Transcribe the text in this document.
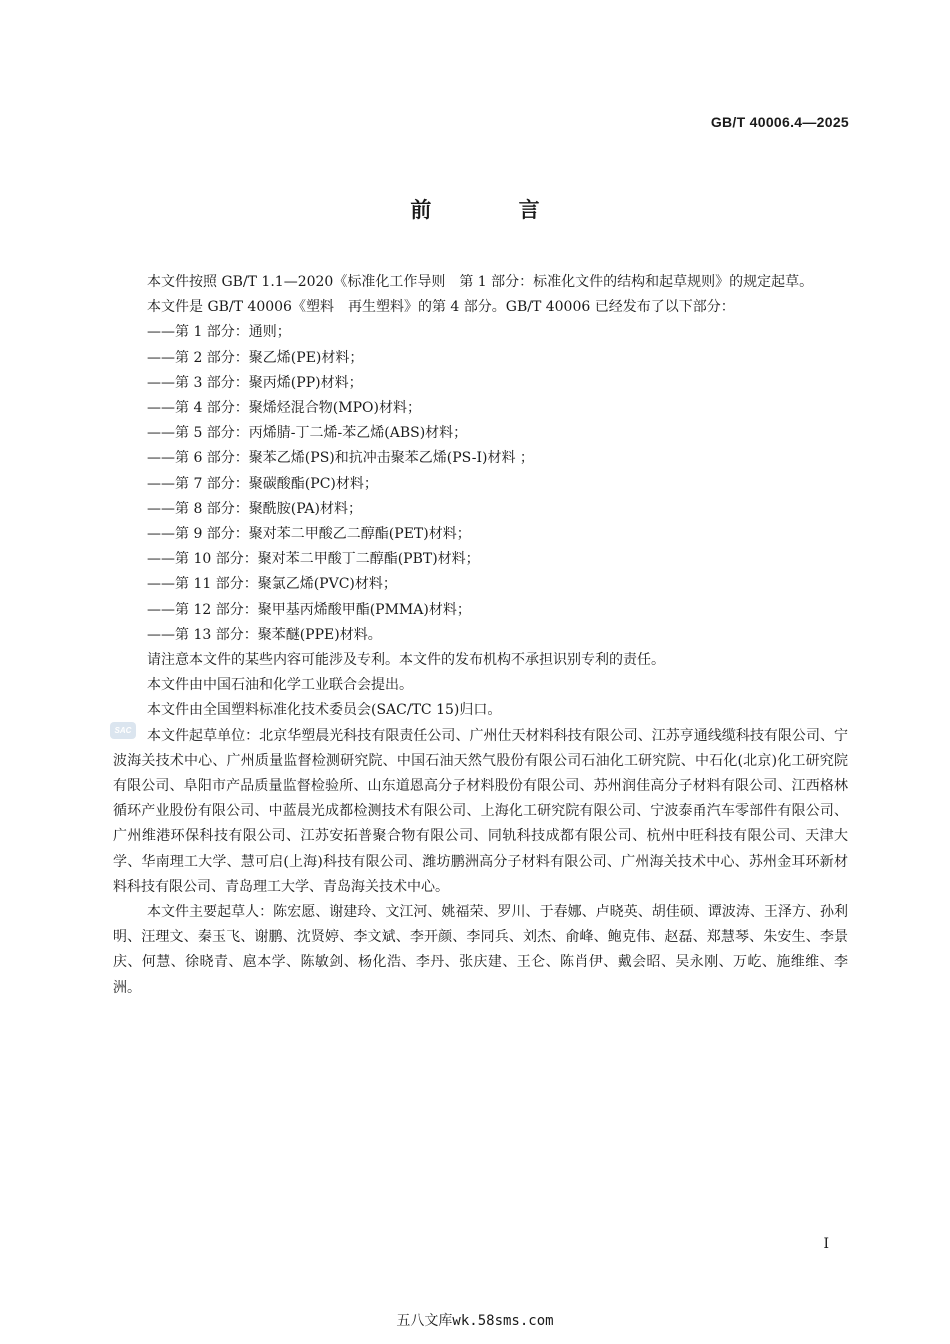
GB/T 40006.4—2025
前 言
SAC

本文件按照 GB/T 1.1—2020《标准化工作导则　第 1 部分：标准化文件的结构和起草规则》的规定起草。

本文件是 GB/T 40006《塑料　再生塑料》的第 4 部分。GB/T 40006 已经发布了以下部分：

——第 1 部分：通则；

——第 2 部分：聚乙烯(PE)材料；

——第 3 部分：聚丙烯(PP)材料；

——第 4 部分：聚烯烃混合物(MPO)材料；

——第 5 部分：丙烯腈-丁二烯-苯乙烯(ABS)材料；

——第 6 部分：聚苯乙烯(PS)和抗冲击聚苯乙烯(PS-I)材料 ；

——第 7 部分：聚碳酸酯(PC)材料；

——第 8 部分：聚酰胺(PA)材料；

——第 9 部分：聚对苯二甲酸乙二醇酯(PET)材料；

——第 10 部分：聚对苯二甲酸丁二醇酯(PBT)材料；

——第 11 部分：聚氯乙烯(PVC)材料；

——第 12 部分：聚甲基丙烯酸甲酯(PMMA)材料；

——第 13 部分：聚苯醚(PPE)材料。

请注意本文件的某些内容可能涉及专利。本文件的发布机构不承担识别专利的责任。

本文件由中国石油和化学工业联合会提出。

本文件由全国塑料标准化技术委员会(SAC/TC 15)归口。

本文件起草单位：北京华塑晨光科技有限责任公司、广州仕天材料科技有限公司、江苏亨通线缆科技有限公司、宁波海关技术中心、广州质量监督检测研究院、中国石油天然气股份有限公司石油化工研究院、中石化(北京)化工研究院有限公司、阜阳市产品质量监督检验所、山东道恩高分子材料股份有限公司、苏州润佳高分子材料有限公司、江西格林循环产业股份有限公司、中蓝晨光成都检测技术有限公司、上海化工研究院有限公司、宁波泰甬汽车零部件有限公司、广州维港环保科技有限公司、江苏安拓普聚合物有限公司、同轨科技成都有限公司、杭州中旺科技有限公司、天津大学、华南理工大学、慧可启(上海)科技有限公司、潍坊鹏洲高分子材料有限公司、广州海关技术中心、苏州金耳环新材料科技有限公司、青岛理工大学、青岛海关技术中心。

本文件主要起草人：陈宏愿、谢建玲、文江河、姚福荣、罗川、于春娜、卢晓英、胡佳硕、谭波涛、王泽方、孙利明、汪理文、秦玉飞、谢鹏、沈贤婷、李文斌、李开颜、李同兵、刘杰、俞峰、鲍克伟、赵磊、郑慧琴、朱安生、李景庆、何慧、徐晓青、扈本学、陈敏剑、杨化浩、李丹、张庆建、王仑、陈肖伊、戴会昭、吴永刚、万屹、施维维、李洲。

I
五八文库wk.58sms.com
